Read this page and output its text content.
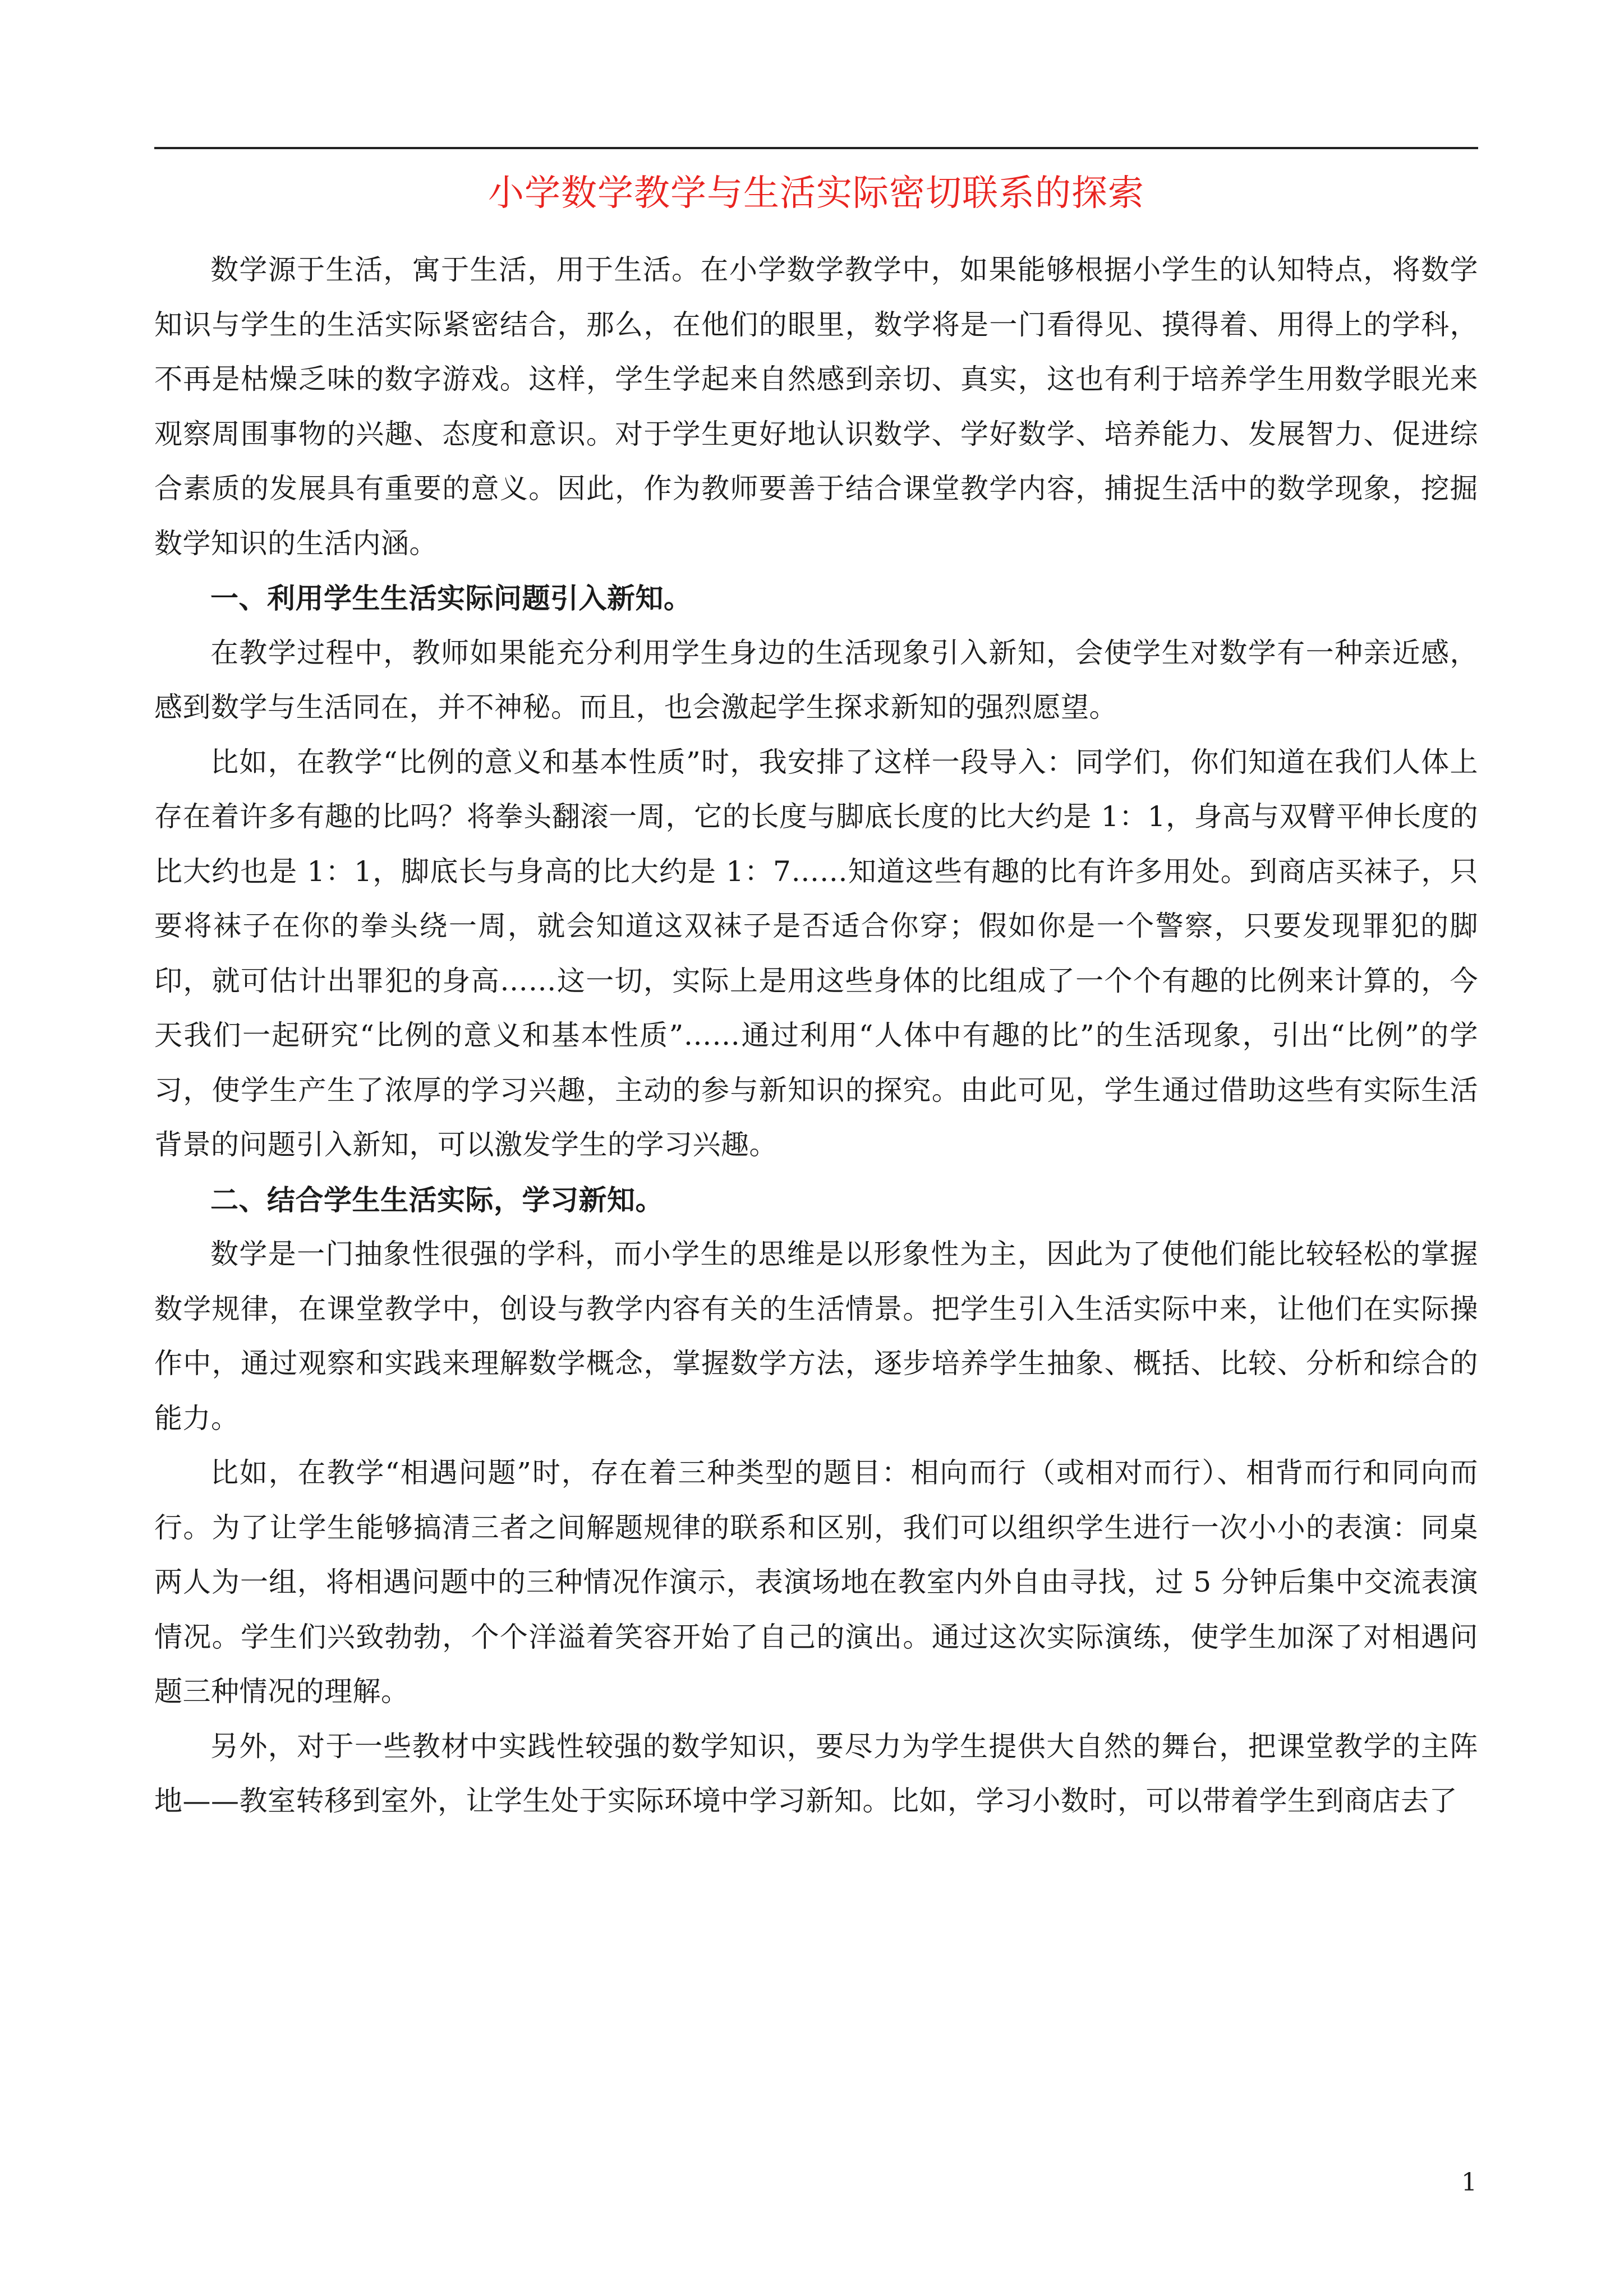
小学数学教学与生活实际密切联系的探索

数学源于生活，寓于生活，用于生活。在小学数学教学中，如果能够根据小学生的认知特点，将数学知识与学生的生活实际紧密结合，那么，在他们的眼里，数学将是一门看得见、摸得着、用得上的学科，不再是枯燥乏味的数字游戏。这样，学生学起来自然感到亲切、真实，这也有利于培养学生用数学眼光来观察周围事物的兴趣、态度和意识。对于学生更好地认识数学、学好数学、培养能力、发展智力、促进综合素质的发展具有重要的意义。因此，作为教师要善于结合课堂教学内容，捕捉生活中的数学现象，挖掘数学知识的生活内涵。

一、利用学生生活实际问题引入新知。

在教学过程中，教师如果能充分利用学生身边的生活现象引入新知，会使学生对数学有一种亲近感，感到数学与生活同在，并不神秘。而且，也会激起学生探求新知的强烈愿望。

比如，在教学“比例的意义和基本性质”时，我安排了这样一段导入：同学们，你们知道在我们人体上存在着许多有趣的比吗？将拳头翻滚一周，它的长度与脚底长度的比大约是 1：1，身高与双臂平伸长度的比大约也是 1：1，脚底长与身高的比大约是 1：7……知道这些有趣的比有许多用处。到商店买袜子，只要将袜子在你的拳头绕一周，就会知道这双袜子是否适合你穿；假如你是一个警察，只要发现罪犯的脚印，就可估计出罪犯的身高……这一切，实际上是用这些身体的比组成了一个个有趣的比例来计算的，今天我们一起研究“比例的意义和基本性质”……通过利用“人体中有趣的比”的生活现象，引出“比例”的学习，使学生产生了浓厚的学习兴趣，主动的参与新知识的探究。由此可见，学生通过借助这些有实际生活背景的问题引入新知，可以激发学生的学习兴趣。

二、结合学生生活实际，学习新知。

数学是一门抽象性很强的学科，而小学生的思维是以形象性为主，因此为了使他们能比较轻松的掌握数学规律，在课堂教学中，创设与教学内容有关的生活情景。把学生引入生活实际中来，让他们在实际操作中，通过观察和实践来理解数学概念，掌握数学方法，逐步培养学生抽象、概括、比较、分析和综合的能力。

比如，在教学“相遇问题”时，存在着三种类型的题目：相向而行（或相对而行）、相背而行和同向而行。为了让学生能够搞清三者之间解题规律的联系和区别，我们可以组织学生进行一次小小的表演：同桌两人为一组，将相遇问题中的三种情况作演示，表演场地在教室内外自由寻找，过 5 分钟后集中交流表演情况。学生们兴致勃勃，个个洋溢着笑容开始了自己的演出。通过这次实际演练，使学生加深了对相遇问题三种情况的理解。

另外，对于一些教材中实践性较强的数学知识，要尽力为学生提供大自然的舞台，把课堂教学的主阵地——教室转移到室外，让学生处于实际环境中学习新知。比如，学习小数时，可以带着学生到商店去了

1
